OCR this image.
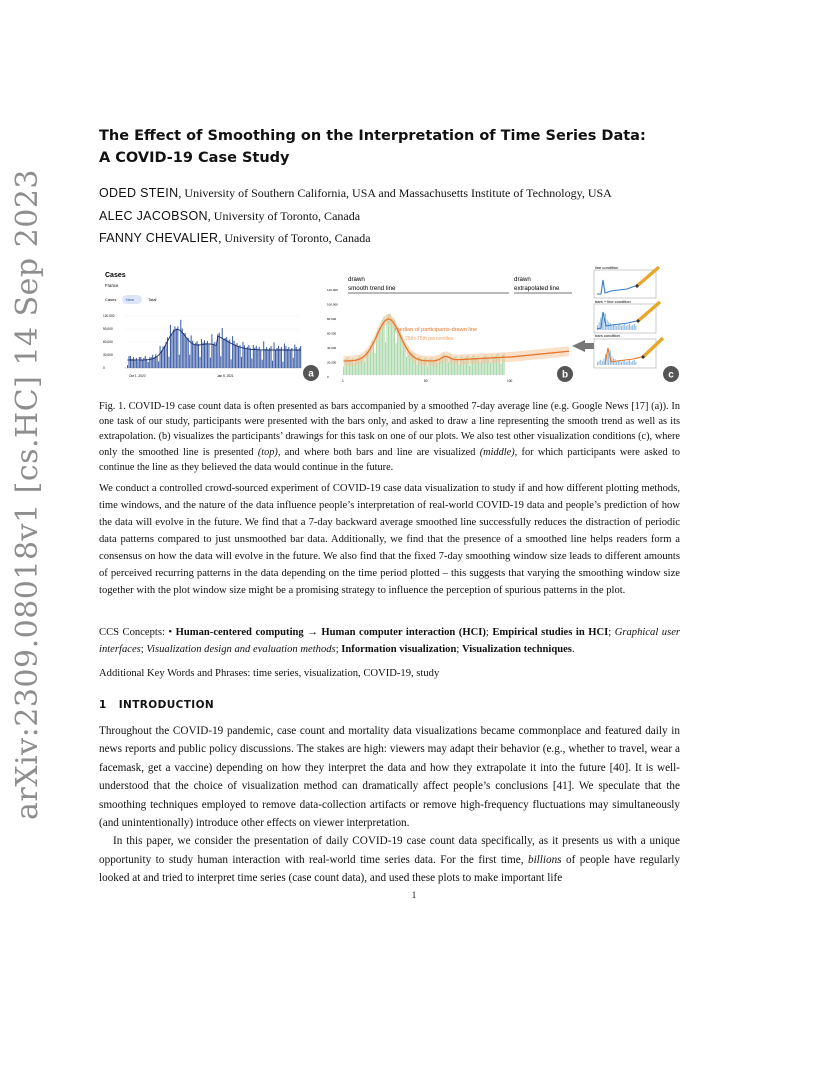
arXiv:2309.08018v1 [cs.HC] 14 Sep 2023
The Effect of Smoothing on the Interpretation of Time Series Data:
A COVID-19 Case Study
ODED STEIN, University of Southern California, USA and Massachusetts Institute of Technology, USA
ALEC JACOBSON, University of Toronto, Canada
FANNY CHEVALIER, University of Toronto, Canada
Cases
France
Cases New	Total
120,000
90,000
60,000
30,000
0
Oct 1, 2020	Jan 5, 2021	a
drawn
smooth trend line
drawn
extrapolated line
120,000
100,000
80,000
60,000
40,000
20,000
0
median of participants-drawn line
25th-75th percentiles
1	50	100
b
line condition
bars + line condition
bars condition
c
Fig. 1. COVID-19 case count data is often presented as bars accompanied by a smoothed 7-day average line (e.g. Google News [17] (a)). In one task of our study, participants were presented with the bars only, and asked to draw a line representing the smooth trend as well as its extrapolation. (b) visualizes the participants’ drawings for this task on one of our plots. We also test other visualization conditions (c), where only the smoothed line is presented (top), and where both bars and line are visualized (middle), for which participants were asked to continue the line as they believed the data would continue in the future.
We conduct a controlled crowd-sourced experiment of COVID-19 case data visualization to study if and how different plotting methods, time windows, and the nature of the data influence people’s interpretation of real-world COVID-19 data and people’s prediction of how the data will evolve in the future. We find that a 7-day backward average smoothed line successfully reduces the distraction of periodic data patterns compared to just unsmoothed bar data. Additionally, we find that the presence of a smoothed line helps readers form a consensus on how the data will evolve in the future. We also find that the fixed 7-day smoothing window size leads to different amounts of perceived recurring patterns in the data depending on the time period plotted – this suggests that varying the smoothing window size together with the plot window size might be a promising strategy to influence the perception of spurious patterns in the plot.
CCS Concepts: • Human-centered computing → Human computer interaction (HCI); Empirical studies in HCI; Graphical user interfaces; Visualization design and evaluation methods; Information visualization; Visualization techniques.
Additional Key Words and Phrases: time series, visualization, COVID-19, study
1 INTRODUCTION
Throughout the COVID-19 pandemic, case count and mortality data visualizations became commonplace and featured daily in news reports and public policy discussions. The stakes are high: viewers may adapt their behavior (e.g., whether to travel, wear a facemask, get a vaccine) depending on how they interpret the data and how they extrapolate it into the future [40]. It is well-understood that the choice of visualization method can dramatically affect people’s conclusions [41]. We speculate that the smoothing techniques employed to remove data-collection artifacts or remove high-frequency fluctuations may simultaneously (and unintentionally) introduce other effects on viewer interpretation.
In this paper, we consider the presentation of daily COVID-19 case count data specifically, as it presents us with a unique opportunity to study human interaction with real-world time series data. For the first time, billions of people have regularly looked at and tried to interpret time series (case count data), and used these plots to make important life
1
